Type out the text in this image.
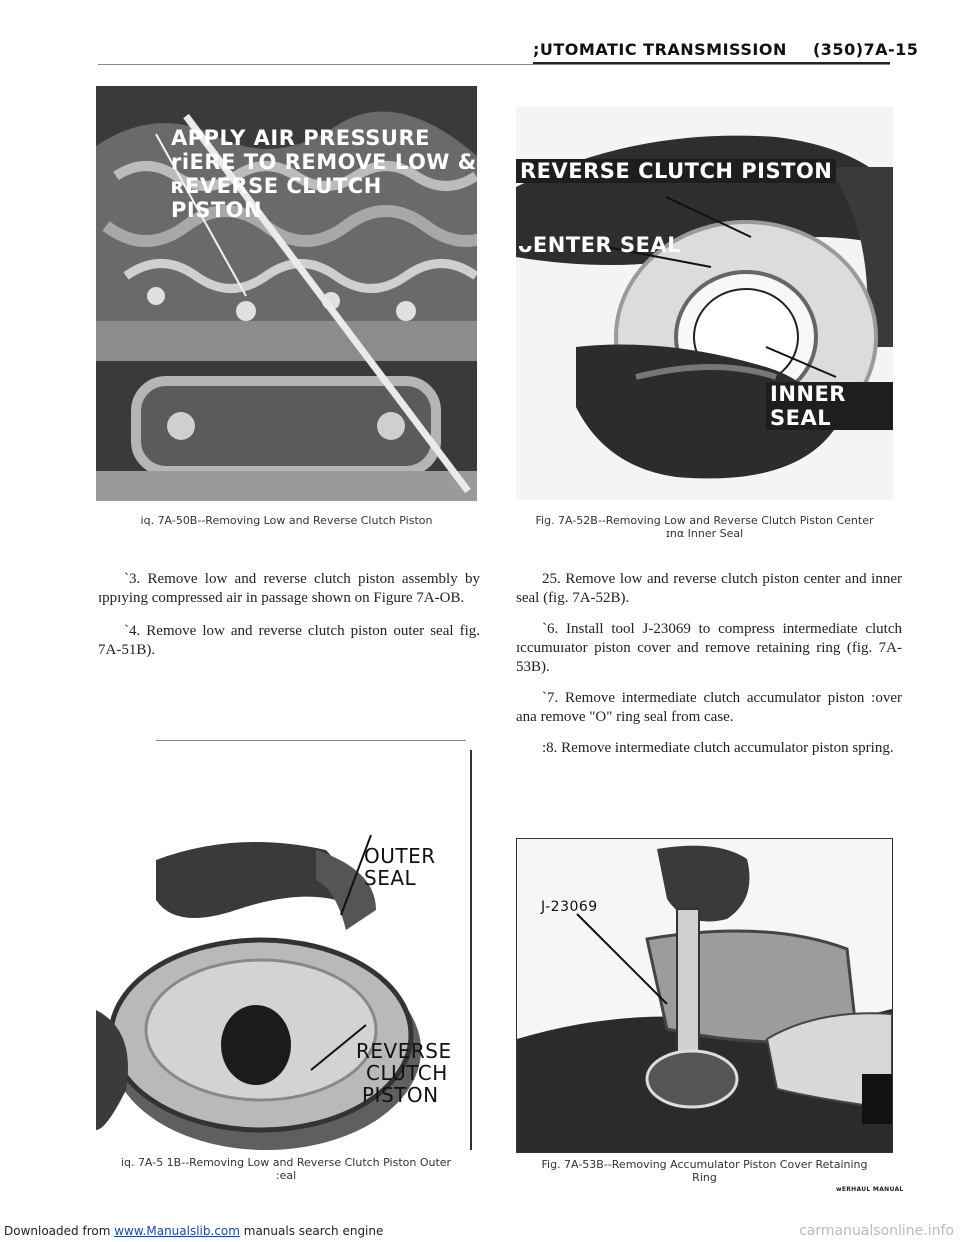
;UTOMATIC TRANSMISSION (350)7A-15
APPLY AIR PRESSURE
riERE TO REMOVE LOW &
ʀEVERSE CLUTCH PISTON
iq. 7A-50B--Removing Low and Reverse Clutch Piston
REVERSE CLUTCH PISTON
ᴗENTER SEAL
INNER SEAL
Fig. 7A-52B--Removing Low and Reverse Clutch Piston Center
ɪnα Inner Seal

`3. Remove low and reverse clutch piston assembly by ɪppɪying compressed air in passage shown on Figure 7A-OB.

`4. Remove low and reverse clutch piston outer seal fig. 7A-51B).

25. Remove low and reverse clutch piston center and inner seal (fig. 7A-52B).

`6. Install tool J-23069 to compress intermediate clutch ɪccumuɪator piston cover and remove retaining ring (fig. 7A-53B).

`7. Remove intermediate clutch accumulator piston :over ana remove "O" ring seal from case.

:8. Remove intermediate clutch accumulator piston spring.

OUTER
SEAL
REVERSE
CLUTCH
PISTON
iq. 7A-5 1B--Removing Low and Reverse Clutch Piston Outer
:eal
J-23069
Fig. 7A-53B--Removing Accumulator Piston Cover Retaining
Ring
ᴡERHAUL MANUAL
Downloaded from www.Manualslib.com manuals search engine	carmanualsonline.info
